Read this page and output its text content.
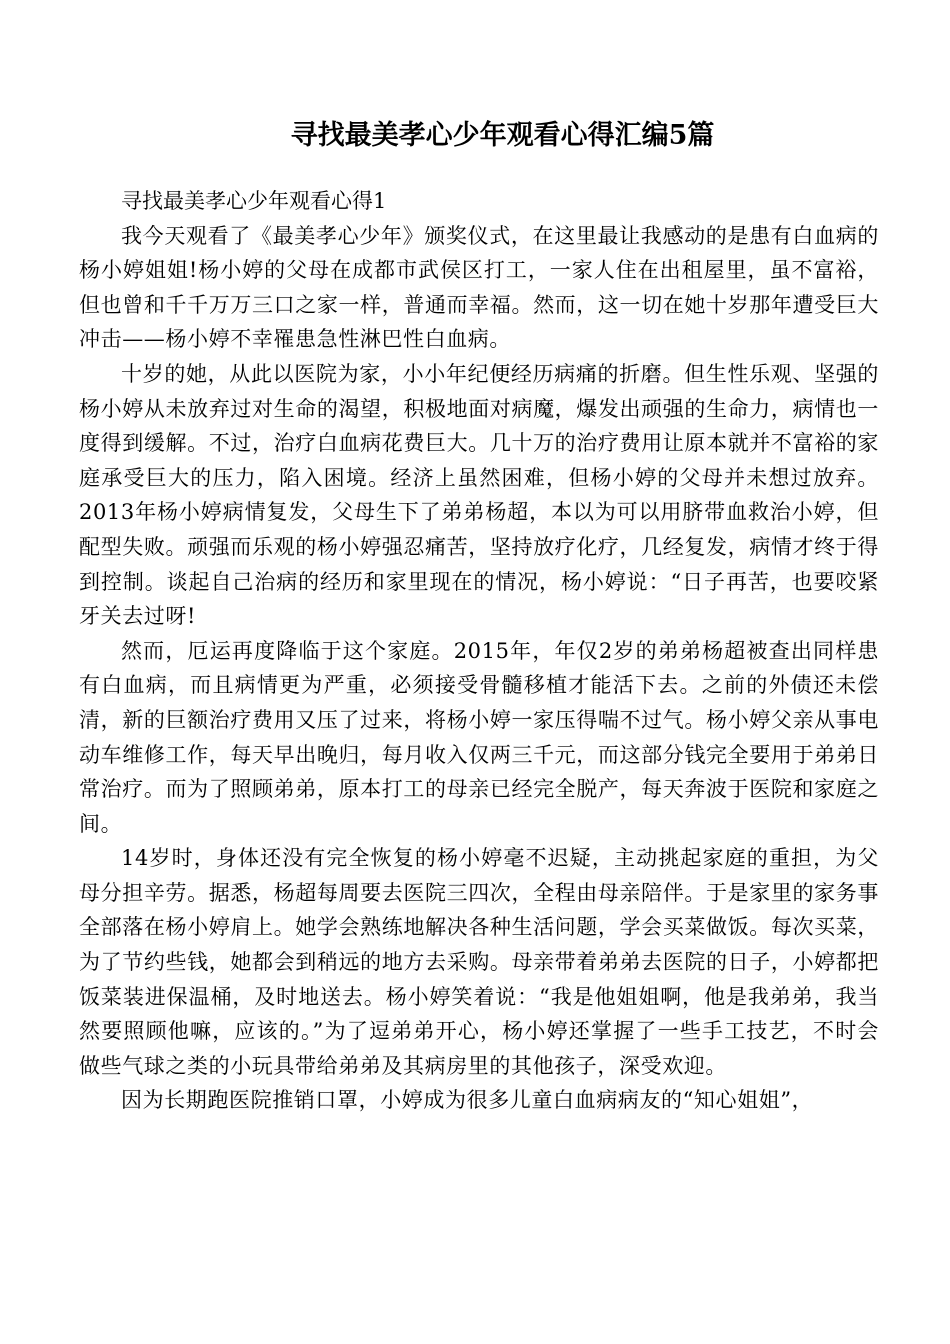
寻找最美孝心少年观看心得汇编5篇

寻找最美孝心少年观看心得1

我今天观看了《最美孝心少年》颁奖仪式，在这里最让我感动的是患有白血病的杨小婷姐姐!杨小婷的父母在成都市武侯区打工，一家人住在出租屋里，虽不富裕，但也曾和千千万万三口之家一样，普通而幸福。然而，这一切在她十岁那年遭受巨大冲击——杨小婷不幸罹患急性淋巴性白血病。

十岁的她，从此以医院为家，小小年纪便经历病痛的折磨。但生性乐观、坚强的杨小婷从未放弃过对生命的渴望，积极地面对病魔，爆发出顽强的生命力，病情也一度得到缓解。不过，治疗白血病花费巨大。几十万的治疗费用让原本就并不富裕的家庭承受巨大的压力，陷入困境。经济上虽然困难，但杨小婷的父母并未想过放弃。2013年杨小婷病情复发，父母生下了弟弟杨超，本以为可以用脐带血救治小婷，但配型失败。顽强而乐观的杨小婷强忍痛苦，坚持放疗化疗，几经复发，病情才终于得到控制。谈起自己治病的经历和家里现在的情况，杨小婷说：“日子再苦，也要咬紧牙关去过呀!

然而，厄运再度降临于这个家庭。2015年，年仅2岁的弟弟杨超被查出同样患有白血病，而且病情更为严重，必须接受骨髓移植才能活下去。之前的外债还未偿清，新的巨额治疗费用又压了过来，将杨小婷一家压得喘不过气。杨小婷父亲从事电动车维修工作，每天早出晚归，每月收入仅两三千元，而这部分钱完全要用于弟弟日常治疗。而为了照顾弟弟，原本打工的母亲已经完全脱产，每天奔波于医院和家庭之间。

14岁时，身体还没有完全恢复的杨小婷毫不迟疑，主动挑起家庭的重担，为父母分担辛劳。据悉，杨超每周要去医院三四次，全程由母亲陪伴。于是家里的家务事全部落在杨小婷肩上。她学会熟练地解决各种生活问题，学会买菜做饭。每次买菜，为了节约些钱，她都会到稍远的地方去采购。母亲带着弟弟去医院的日子，小婷都把饭菜装进保温桶，及时地送去。杨小婷笑着说：“我是他姐姐啊，他是我弟弟，我当然要照顾他嘛，应该的。”为了逗弟弟开心，杨小婷还掌握了一些手工技艺，不时会做些气球之类的小玩具带给弟弟及其病房里的其他孩子，深受欢迎。

因为长期跑医院推销口罩，小婷成为很多儿童白血病病友的“知心姐姐”，
